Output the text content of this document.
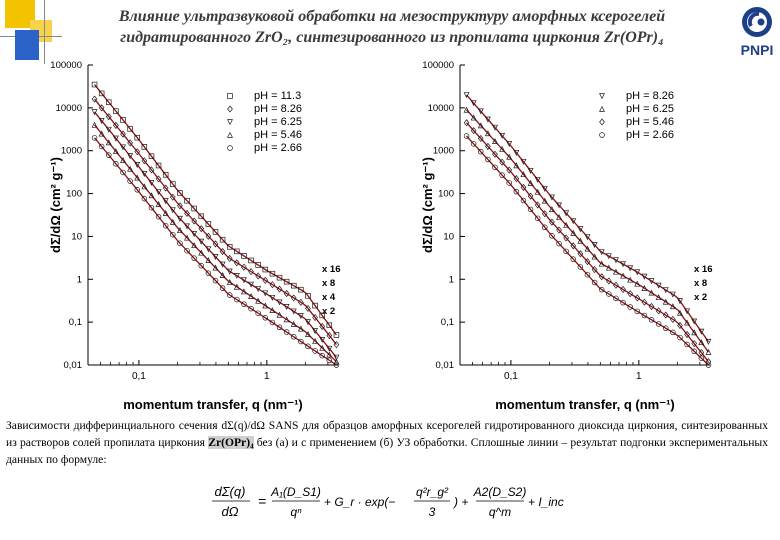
Влияние ультразвуковой обработки на мезоструктуру аморфных ксерогелей
гидратированного ZrO₂, синтезированного из пропилата циркония Zr(OPr)₄
PNPI
0,01
0,1
1
10
100
1000
10000
100000
0,1	1
momentum transfer, q (nm⁻¹)
dΣ/dΩ (cm² g⁻¹)
x 16
x 8
x 4
x 2
pH = 11.3
pH = 8.26
pH = 6.25
pH = 5.46
pH = 2.66
0,01
0,1
1
10
100
1000
10000
100000
0,1	1
momentum transfer, q (nm⁻¹)
dΣ/dΩ (cm² g⁻¹)
x 16
x 8
x 2
pH = 8.26
pH = 6.25
pH = 5.46
pH = 2.66
Зависимости дифферинциального сечения dΣ(q)/dΩ SANS для образцов аморфных ксерогелей гидротированного диоксида циркония, синтезированных из растворов солей пропилата циркония Zr(OPr)₄ без (а) и с применением (б) УЗ обработки. Сплошные линии – результат подгонки экспериментальных данных по формуле:
dΣ(q)
dΩ
=
A₁(D_S1)
qⁿ
+ G_r · exp(−
q²r_g²
3
) +
A2(D_S2)
q^m
+ I_inc
